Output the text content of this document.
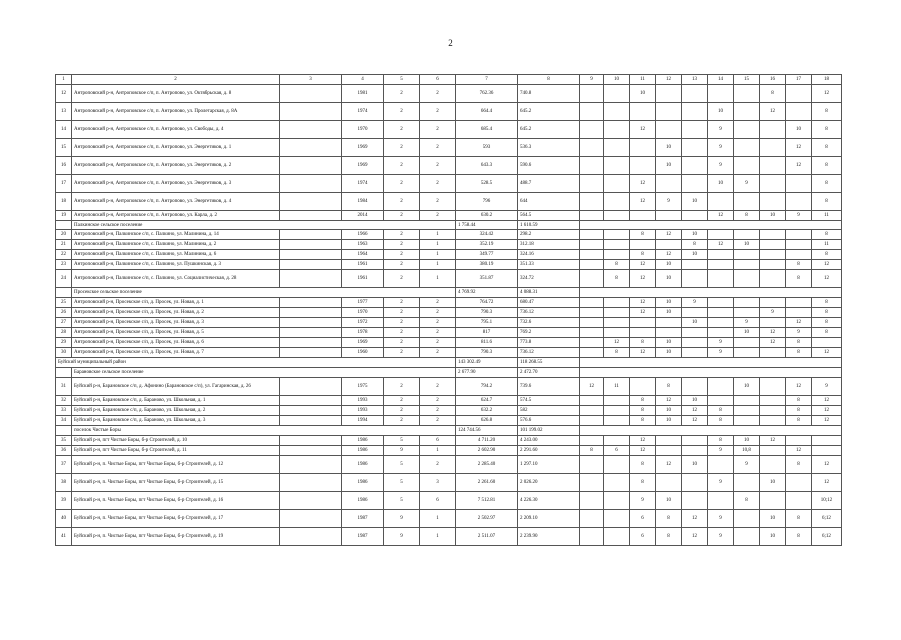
2
1	2	3	4	5	6	7	8	9	10	11	12	13	14	15	16	17	18
12	Антроповский р-н, Антроповское с/п, п. Антропово, ул. Октябрьская, д. 8		1981	2	2	762.36	740.8			10					8		12
13	Антроповский р-н, Антроповское с/п, п. Антропово, ул. Пролетарская, д. 8А		1974	2	2	664.4	645.2						10		12		8
14	Антроповский р-н, Антроповское с/п, п. Антропово, ул. Свободы, д. 4		1970	2	2	685.4	645.2			12			9			10	8
15	Антроповский р-н, Антроповское с/п, п. Антропово, ул. Энергетиков, д. 1		1969	2	2	593	536.3				10		9			12	8
16	Антроповский р-н, Антроповское с/п, п. Антропово, ул. Энергетиков, д. 2		1969	2	2	643.3	590.6				10		9			12	8
17	Антроповский р-н, Антроповское с/п, п. Антропово, ул. Энергетиков, д. 3		1974	2	2	528.5	488.7			12			10	9			8
18	Антроповский р-н, Антроповское с/п, п. Антропово, ул. Энергетиков, д. 4		1984	2	2	796	644			12	9	10					8
19	Антроповский р-н, Антроповское с/п, п. Антропово, ул. Карла, д. 2		2014	2	2	630.2	564.5						12	8	10	9	11
	Палкинское сельское поселение					1 758.44	1 610.59										
20	Антроповский р-н, Палкинское с/п, с. Палкино, ул. Малинина, д. 14		1966	2	1	324.42	298.2			8	12	10					8
21	Антроповский р-н, Палкинское с/п, с. Палкино, ул. Малинина, д. 2		1963	2	1	352.19	312.18					8	12	10			11
22	Антроповский р-н, Палкинское с/п, с. Палкино, ул. Малинина, д. 6		1964	2	1	349.77	324.16			8	12	10					8
23	Антроповский р-н, Палкинское с/п, с. Палкино, ул. Пушкинская, д. 3		1961	2	1	380.19	351.33		8	12	10					8	12
24	Антроповский р-н, Палкинское с/п, с. Палкино, ул. Социалистическая, д. 28		1961	2	1	351.87	324.72		8	12	10					8	12
	Просекское сельское поселение					4 769.92	4 088.31										
25	Антроповский р-н, Просекское с/п, д. Просек, ул. Новая, д. 1		1977	2	2	764.72	680.47			12	10	9					8
26	Антроповский р-н, Просекское с/п, д. Просек, ул. Новая, д. 2		1970	2	2	790.3	736.12			12	10				9		8
27	Антроповский р-н, Просекское с/п, д. Просек, ул. Новая, д. 3		1972	2	2	795.1	732.6					10		9		12	8
28	Антроповский р-н, Просекское с/п, д. Просек, ул. Новая, д. 5		1978	2	2	817	769.2							10	12	9	8
29	Антроповский р-н, Просекское с/п, д. Просек, ул. Новая, д. 6		1969	2	2	811.6	773.8		12	8	10		9		12	8	
30	Антроповский р-н, Просекское с/п, д. Просек, ул. Новая, д. 7		1960	2	2	790.3	736.12		8	12	10		9			8	12
Буйский муниципальный район						143 302.49	118 268.55										
	Барановское сельское поселение					2 677.90	2 472.70										
31	Буйский р-н, Барановское с/п, д. Афонино (Барановское с/п), ул. Гагаринская, д. 26		1975	2	2	794.2	739.6	12	11		8			10		12	9
32	Буйский р-н, Барановское с/п, д. Бараново, ул. Школьная, д. 1		1993	2	2	624.7	574.5			8	12	10				8	12
33	Буйский р-н, Барановское с/п, д. Бараново, ул. Школьная, д. 2		1993	2	2	632.2	582			8	10	12	8			8	12
34	Буйский р-н, Барановское с/п, д. Бараново, ул. Школьная, д. 3		1994	2	2	626.8	576.6			8	10	12	8			8	12
	поселок Чистые Боры					124 744.56	101 199.02										
35	Буйский р-н, пгт Чистые Боры, б-р Строителей, д. 10		1986	5	6	4 711.20	4 243.00			12			8	10	12		
36	Буйский р-н, пгт Чистые Боры, б-р Строителей, д. 11		1986	9	1	2 602.90	2 291.60	8	6	12			9	10,8		12	
37	Буйский р-н, п. Чистые Боры, пгт Чистые Боры, б-р Строителей, д. 12		1986	5	2	2 285.40	1 297.10			8	12	10		9		8	12
38	Буйский р-н, п. Чистые Боры, пгт Чистые Боры, б-р Строителей, д. 15		1986	5	3	2 261.60	2 026.20			8			9		10		12
39	Буйский р-н, п. Чистые Боры, пгт Чистые Боры, б-р Строителей, д. 16		1986	5	6	7 512.81	4 226.30			9	10			8			10;12
40	Буйский р-н, п. Чистые Боры, пгт Чистые Боры, б-р Строителей, д. 17		1987	9	1	2 502.97	2 209.10			6	8	12	9		10	8	6;12
41	Буйский р-н, п. Чистые Боры, пгт Чистые Боры, б-р Строителей, д. 19		1987	9	1	2 511.07	2 239.90			6	8	12	9		10	8	6;12
